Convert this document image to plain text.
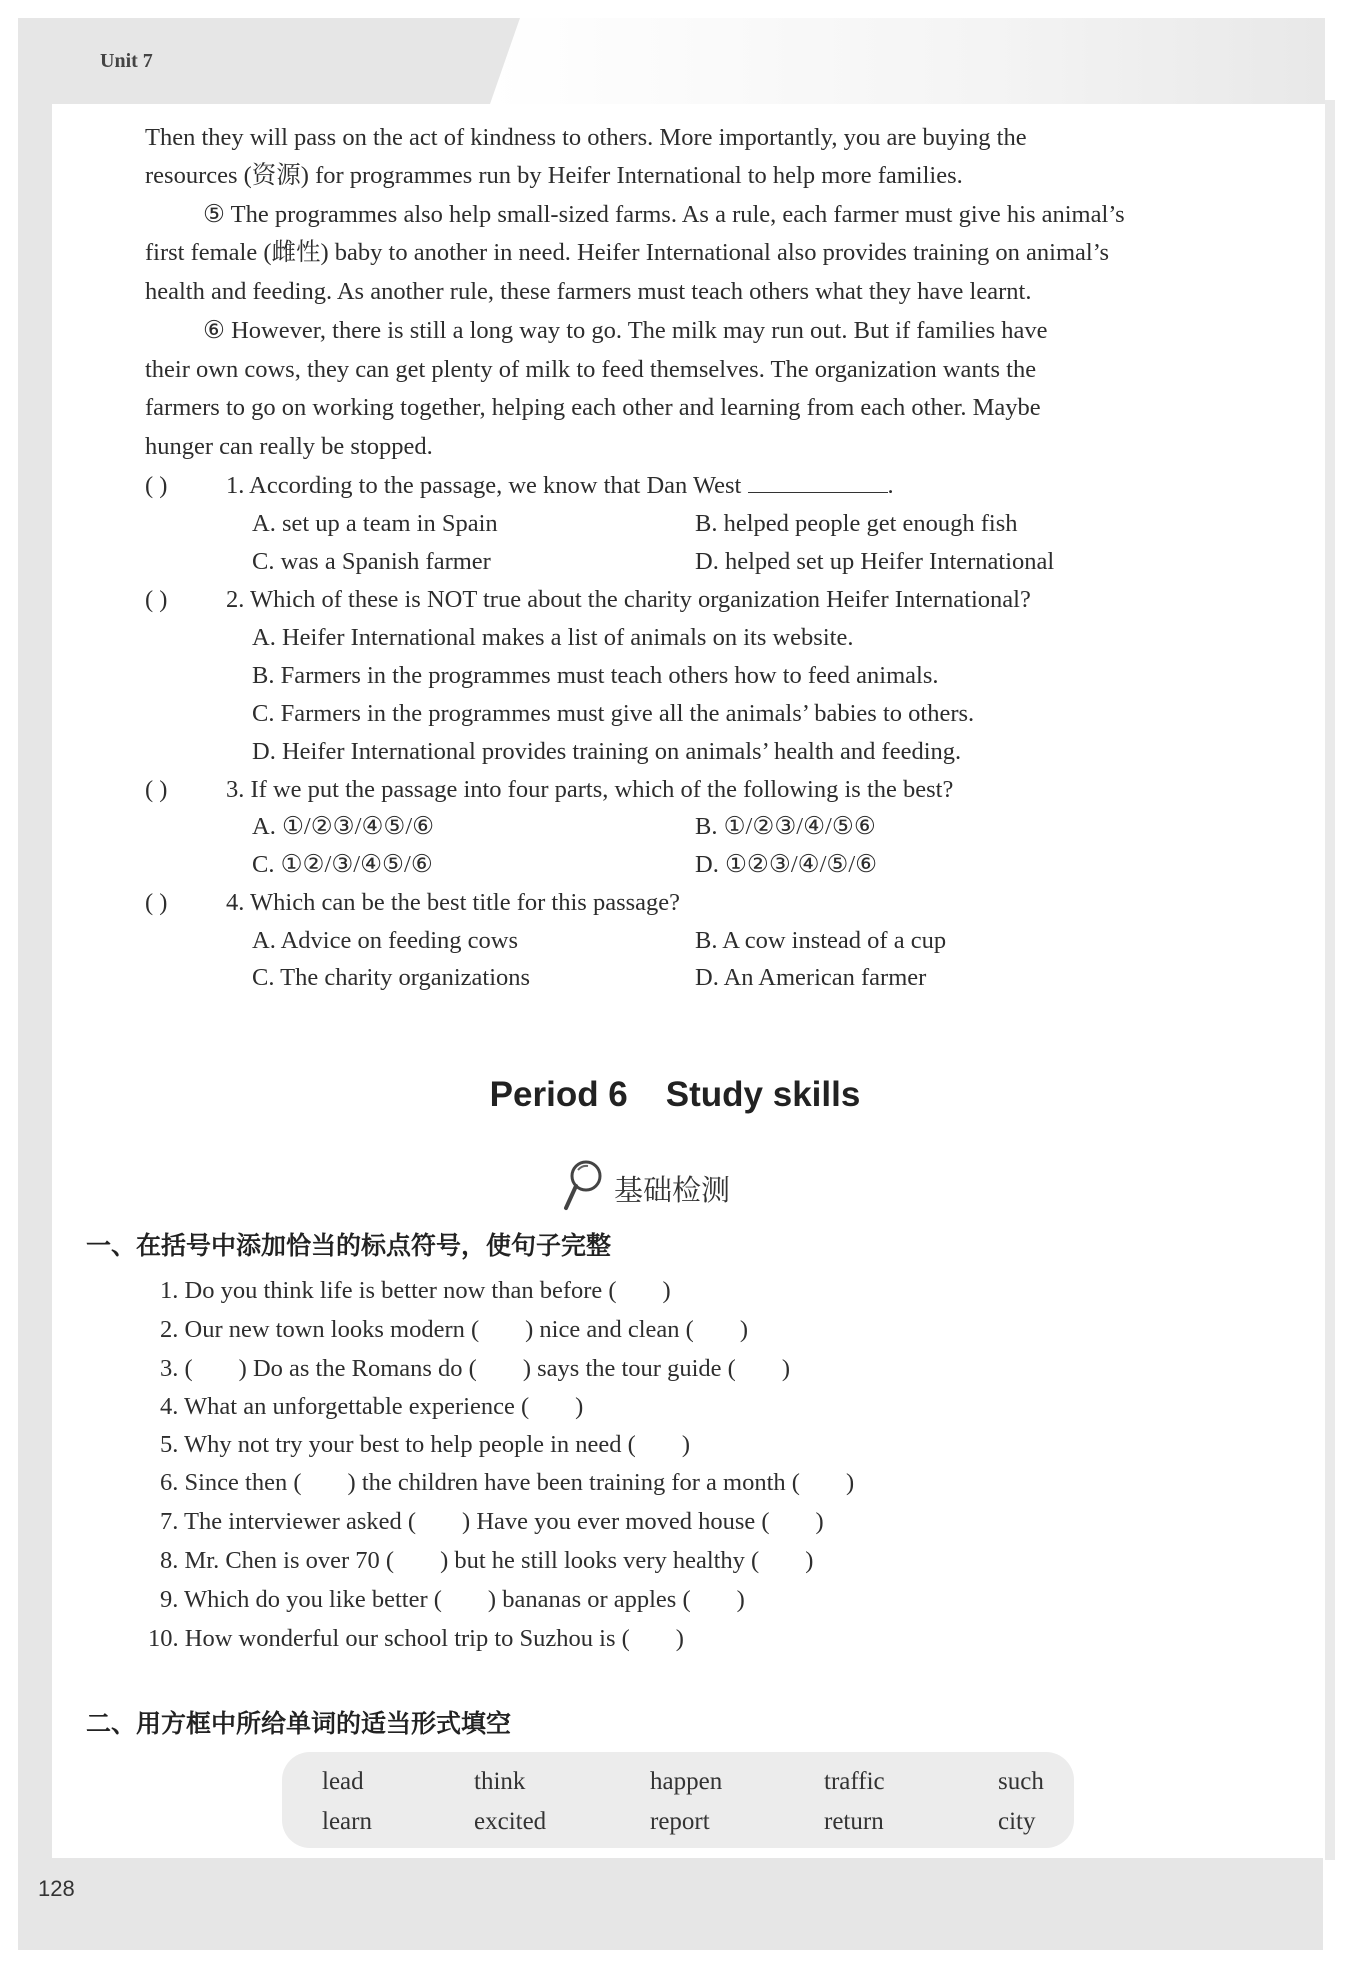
Unit 7
128
Then they will pass on the act of kindness to others. More importantly, you are buying the
resources (资源) for programmes run by Heifer International to help more families.
⑤ The programmes also help small-sized farms. As a rule, each farmer must give his animal’s
first female (雌性) baby to another in need. Heifer International also provides training on animal’s
health and feeding. As another rule, these farmers must teach others what they have learnt.
⑥ However, there is still a long way to go. The milk may run out. But if families have
their own cows, they can get plenty of milk to feed themselves. The organization wants the
farmers to go on working together, helping each other and learning from each other. Maybe
hunger can really be stopped.
( ) 1. According to the passage, we know that Dan West	.
A. set up a team in Spain	B. helped people get enough fish
C. was a Spanish farmer	D. helped set up Heifer International
( ) 2. Which of these is NOT true about the charity organization Heifer International?
A. Heifer International makes a list of animals on its website.
B. Farmers in the programmes must teach others how to feed animals.
C. Farmers in the programmes must give all the animals’ babies to others.
D. Heifer International provides training on animals’ health and feeding.
( ) 3. If we put the passage into four parts, which of the following is the best?
A. ①/②③/④⑤/⑥	B. ①/②③/④/⑤⑥
C. ①②/③/④⑤/⑥	D. ①②③/④/⑤/⑥
( ) 4. Which can be the best title for this passage?
A. Advice on feeding cows	B. A cow instead of a cup
C. The charity organizations	D. An American farmer
Period 6 Study skills
基础检测
一、在括号中添加恰当的标点符号，使句子完整
1. Do you think life is better now than before ( )
2. Our new town looks modern ( ) nice and clean ( )
3. ( ) Do as the Romans do ( ) says the tour guide ( )
4. What an unforgettable experience ( )
5. Why not try your best to help people in need ( )
6. Since then ( ) the children have been training for a month ( )
7. The interviewer asked ( ) Have you ever moved house ( )
8. Mr. Chen is over 70 ( ) but he still looks very healthy ( )
9. Which do you like better ( ) bananas or apples ( )
10. How wonderful our school trip to Suzhou is ( )
二、用方框中所给单词的适当形式填空
lead	think	happen	traffic	such
learn	excited	report	return	city
